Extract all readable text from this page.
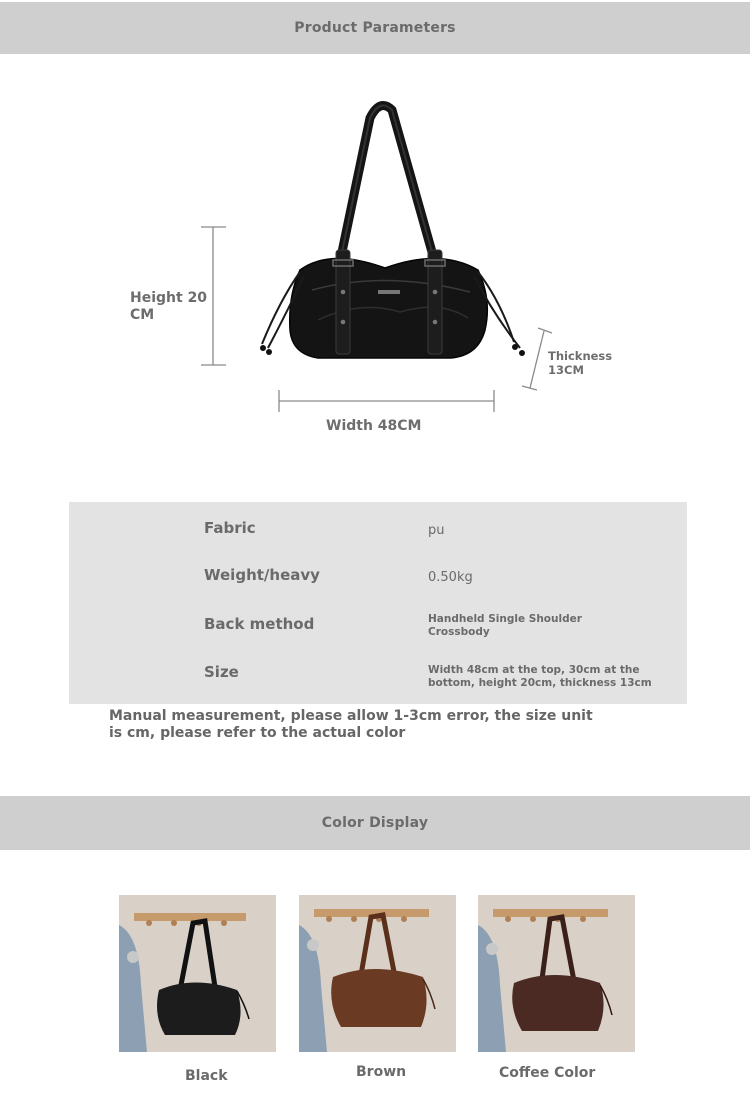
Product Parameters
Height 20 CM
Thickness 13CM
Width 48CM
Fabric	pu
Weight/heavy	0.50kg
Back method	Handheld Single Shoulder Crossbody
Size	Width 48cm at the top, 30cm at the bottom, height 20cm, thickness 13cm
Manual measurement, please allow 1-3cm error, the size unit is cm, please refer to the actual color
Color Display
Black	Brown	Coffee Color
